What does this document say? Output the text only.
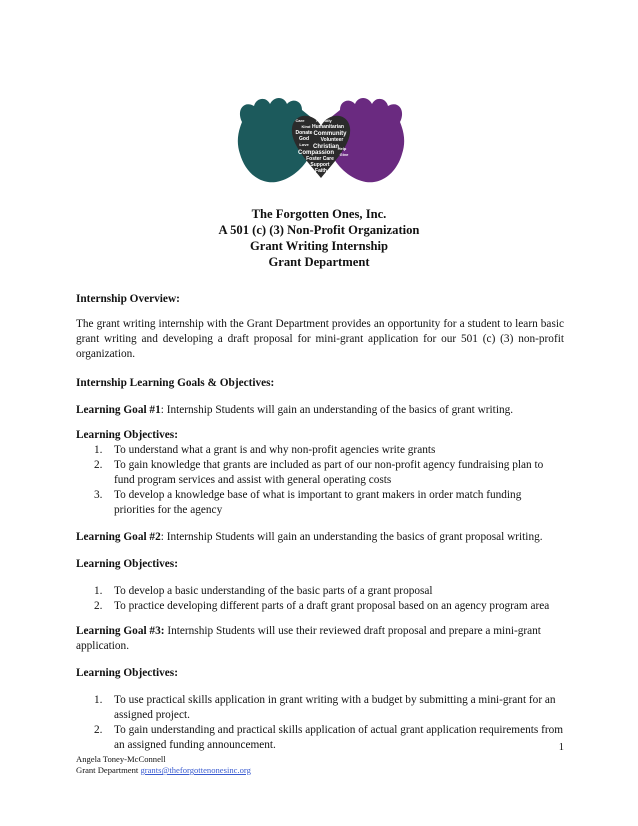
Friendly
Humanitarian
Community
Volunteer
Christian
Compassion
Foster Care
Support
Faith
Help
Donate
God
Kind
Care
Love
Give
The Forgotten Ones, Inc.
A 501 (c) (3) Non-Profit Organization
Grant Writing Internship
Grant Department

Internship Overview:

The grant writing internship with the Grant Department provides an opportunity for a student to learn basic grant writing and developing a draft proposal for mini-grant application for our 501 (c) (3) non-profit organization.

Internship Learning Goals & Objectives:

Learning Goal #1: Internship Students will gain an understanding of the basics of grant writing.

Learning Objectives:

1. To understand what a grant is and why non-profit agencies write grants
2. To gain knowledge that grants are included as part of our non-profit agency fundraising plan to fund program services and assist with general operating costs
3. To develop a knowledge base of what is important to grant makers in order match funding priorities for the agency

Learning Goal #2: Internship Students will gain an understanding the basics of grant proposal writing.

Learning Objectives:

1. To develop a basic understanding of the basic parts of a grant proposal
2. To practice developing different parts of a draft grant proposal based on an agency program area

Learning Goal #3: Internship Students will use their reviewed draft proposal and prepare a mini-grant application.

Learning Objectives:

1. To use practical skills application in grant writing with a budget by submitting a mini-grant for an assigned project.
2. To gain understanding and practical skills application of actual grant application requirements from an assigned funding announcement.	1
Angela Toney-McConnell
Grant Department grants@theforgottenonesinc.org
